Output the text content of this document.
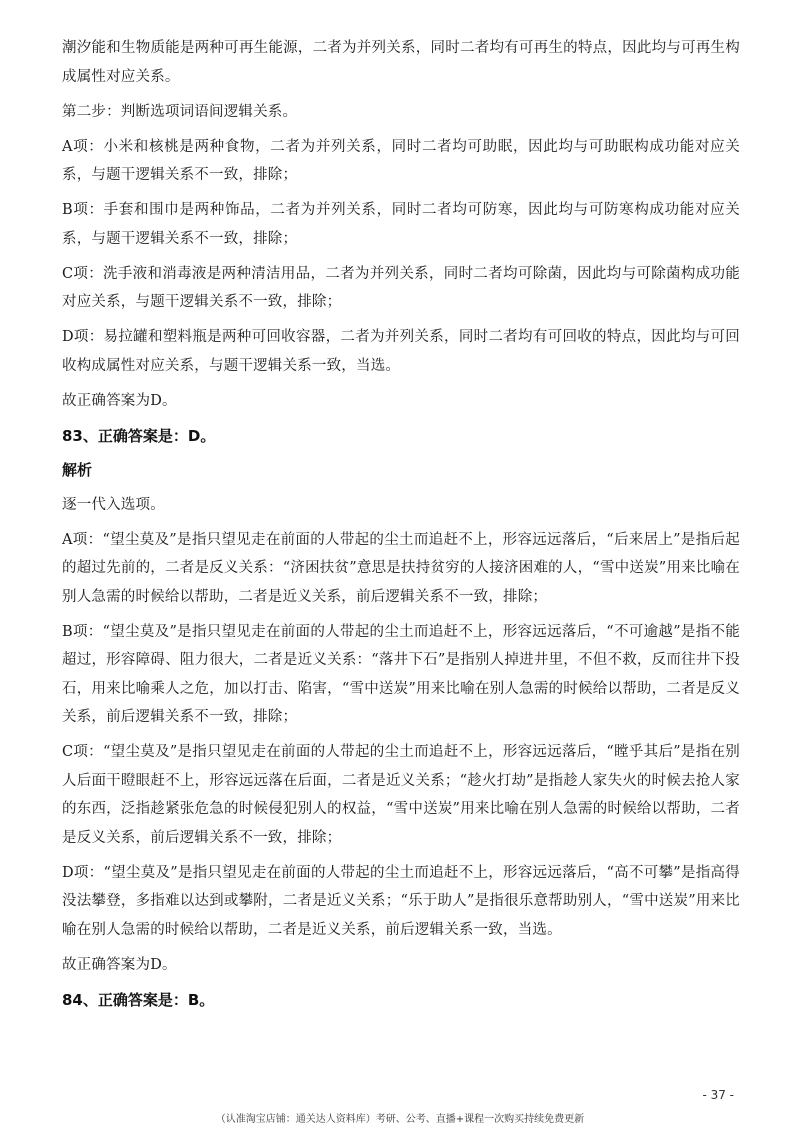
潮汐能和生物质能是两种可再生能源，二者为并列关系，同时二者均有可再生的特点，因此均与可再生构成属性对应关系。

第二步：判断选项词语间逻辑关系。

A项：小米和核桃是两种食物，二者为并列关系，同时二者均可助眠，因此均与可助眠构成功能对应关系，与题干逻辑关系不一致，排除；

B项：手套和围巾是两种饰品，二者为并列关系，同时二者均可防寒，因此均与可防寒构成功能对应关系，与题干逻辑关系不一致，排除；

C项：洗手液和消毒液是两种清洁用品，二者为并列关系，同时二者均可除菌，因此均与可除菌构成功能对应关系，与题干逻辑关系不一致，排除；

D项：易拉罐和塑料瓶是两种可回收容器，二者为并列关系，同时二者均有可回收的特点，因此均与可回收构成属性对应关系，与题干逻辑关系一致，当选。

故正确答案为D。

83、正确答案是：D。
解析

逐一代入选项。

A项：“望尘莫及”是指只望见走在前面的人带起的尘土而追赶不上，形容远远落后，“后来居上”是指后起的超过先前的，二者是反义关系：“济困扶贫”意思是扶持贫穷的人接济困难的人，“雪中送炭”用来比喻在别人急需的时候给以帮助，二者是近义关系，前后逻辑关系不一致，排除；

B项：“望尘莫及”是指只望见走在前面的人带起的尘土而追赶不上，形容远远落后，“不可逾越”是指不能超过，形容障碍、阻力很大，二者是近义关系：“落井下石”是指别人掉进井里，不但不救，反而往井下投石，用来比喻乘人之危，加以打击、陷害，“雪中送炭”用来比喻在别人急需的时候给以帮助，二者是反义关系，前后逻辑关系不一致，排除；

C项：“望尘莫及”是指只望见走在前面的人带起的尘土而追赶不上，形容远远落后，“瞠乎其后”是指在别人后面干瞪眼赶不上，形容远远落在后面，二者是近义关系；“趁火打劫”是指趁人家失火的时候去抢人家的东西，泛指趁紧张危急的时候侵犯别人的权益，“雪中送炭”用来比喻在别人急需的时候给以帮助，二者是反义关系，前后逻辑关系不一致，排除；

D项：“望尘莫及”是指只望见走在前面的人带起的尘土而追赶不上，形容远远落后，“高不可攀”是指高得没法攀登，多指难以达到或攀附，二者是近义关系；“乐于助人”是指很乐意帮助别人，“雪中送炭”用来比喻在别人急需的时候给以帮助，二者是近义关系，前后逻辑关系一致，当选。

故正确答案为D。

84、正确答案是：B。
- 37 -
（认准淘宝店铺：通关达人资料库）考研、公考、直播+课程一次购买持续免费更新
